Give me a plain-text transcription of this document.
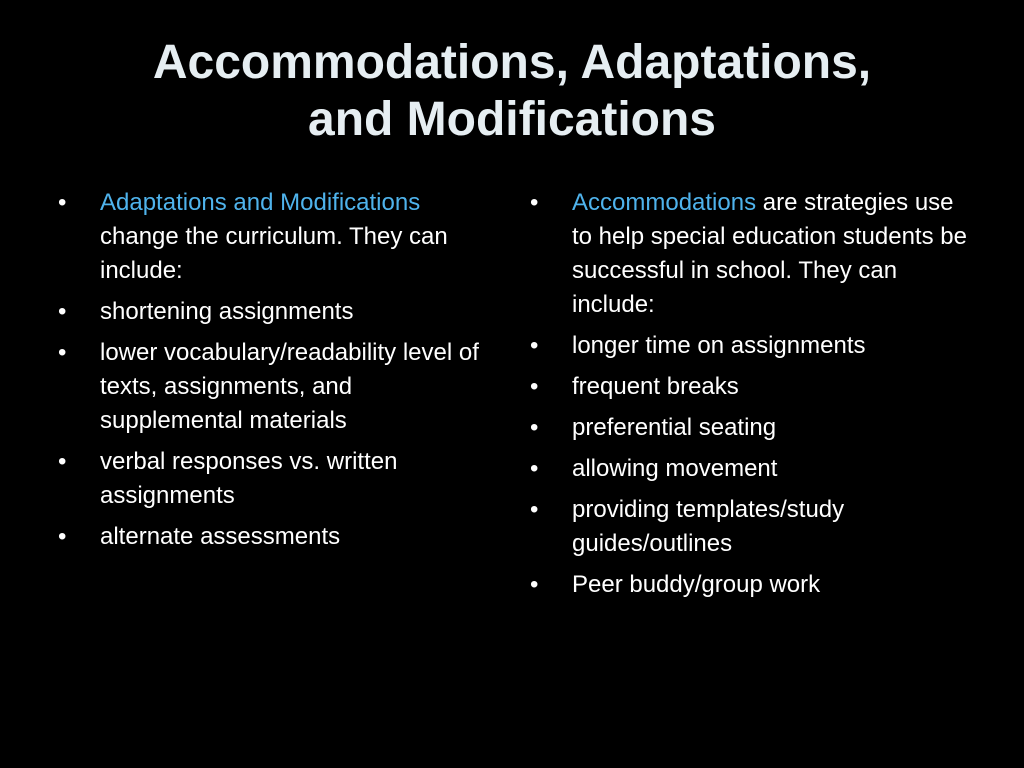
Accommodations, Adaptations,
and Modifications
•	Adaptations and Modifications change the curriculum. They can include:
•	shortening assignments
•	lower vocabulary/readability level of texts, assignments, and supplemental materials
•	verbal responses vs. written assignments
•	alternate assessments
•	Accommodations are strategies use to help special education students be successful in school. They can include:
•	longer time on assignments
•	frequent breaks
•	preferential seating
•	allowing movement
•	providing templates/study guides/outlines
•	Peer buddy/group work
